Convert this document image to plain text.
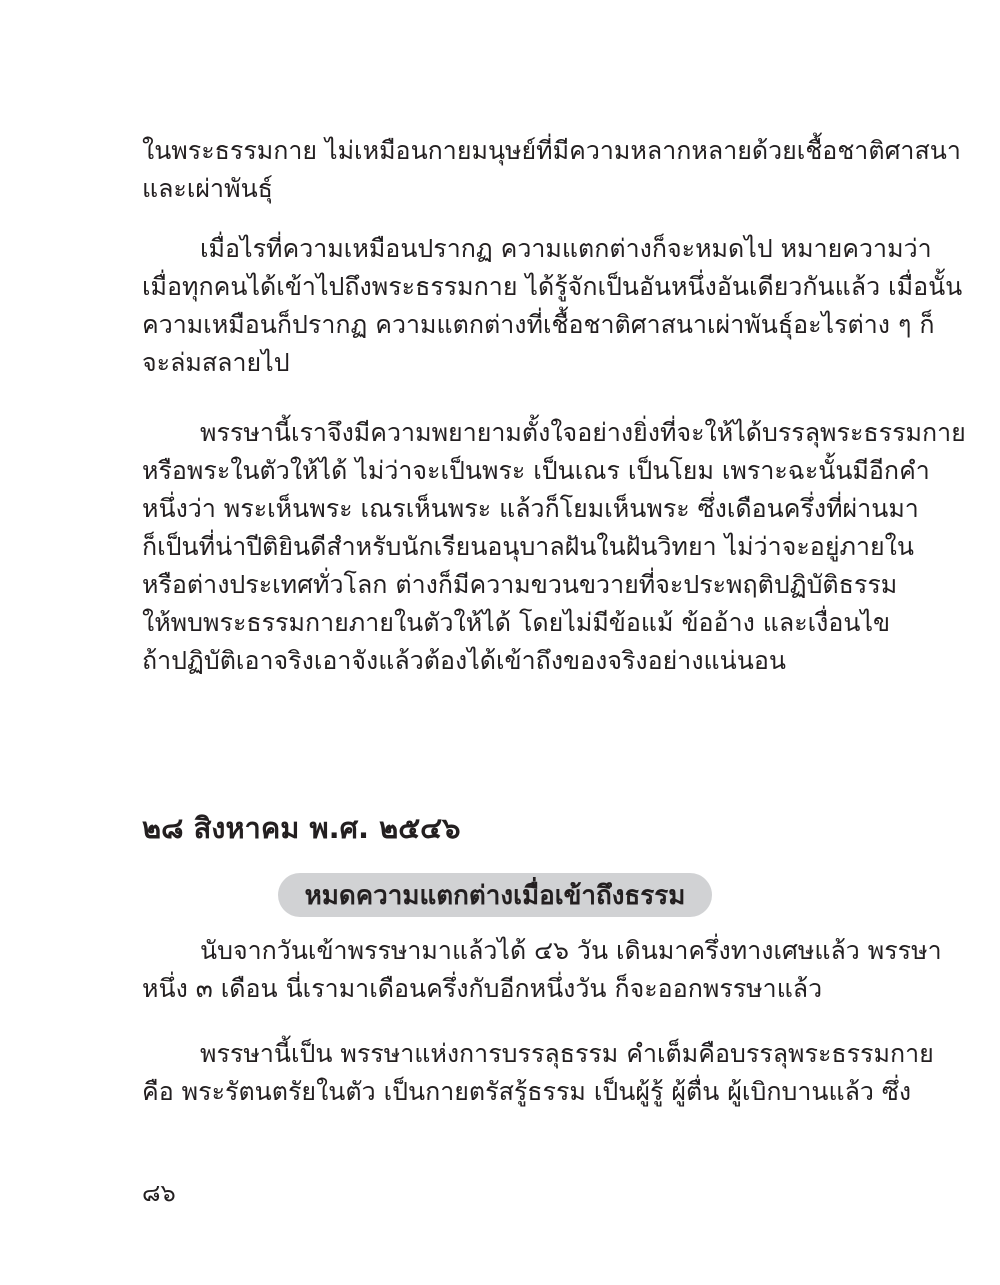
ในพระธรรมกาย ไม่เหมือนกายมนุษย์ที่มีความหลากหลายด้วยเชื้อชาติศาสนา
และเผ่าพันธุ์

เมื่อไรที่ความเหมือนปรากฏ ความแตกต่างก็จะหมดไป หมายความว่า
เมื่อทุกคนได้เข้าไปถึงพระธรรมกาย ได้รู้จักเป็นอันหนึ่งอันเดียวกันแล้ว เมื่อนั้น
ความเหมือนก็ปรากฏ ความแตกต่างที่เชื้อชาติศาสนาเผ่าพันธุ์อะไรต่าง ๆ ก็
จะล่มสลายไป

พรรษานี้เราจึงมีความพยายามตั้งใจอย่างยิ่งที่จะให้ได้บรรลุพระธรรมกาย
หรือพระในตัวให้ได้ ไม่ว่าจะเป็นพระ เป็นเณร เป็นโยม เพราะฉะนั้นมีอีกคำ
หนึ่งว่า พระเห็นพระ เณรเห็นพระ แล้วก็โยมเห็นพระ ซึ่งเดือนครึ่งที่ผ่านมา
ก็เป็นที่น่าปีติยินดีสำหรับนักเรียนอนุบาลฝันในฝันวิทยา ไม่ว่าจะอยู่ภายใน
หรือต่างประเทศทั่วโลก ต่างก็มีความขวนขวายที่จะประพฤติปฏิบัติธรรม
ให้พบพระธรรมกายภายในตัวให้ได้ โดยไม่มีข้อแม้ ข้ออ้าง และเงื่อนไข
ถ้าปฏิบัติเอาจริงเอาจังแล้วต้องได้เข้าถึงของจริงอย่างแน่นอน

๒๘ สิงหาคม พ.ศ. ๒๕๔๖
หมดความแตกต่างเมื่อเข้าถึงธรรม

นับจากวันเข้าพรรษามาแล้วได้ ๔๖ วัน เดินมาครึ่งทางเศษแล้ว พรรษา
หนึ่ง ๓ เดือน นี่เรามาเดือนครึ่งกับอีกหนึ่งวัน ก็จะออกพรรษาแล้ว

พรรษานี้เป็น พรรษาแห่งการบรรลุธรรม คำเต็มคือบรรลุพระธรรมกาย
คือ พระรัตนตรัยในตัว เป็นกายตรัสรู้ธรรม เป็นผู้รู้ ผู้ตื่น ผู้เบิกบานแล้ว ซึ่ง

๘๖
